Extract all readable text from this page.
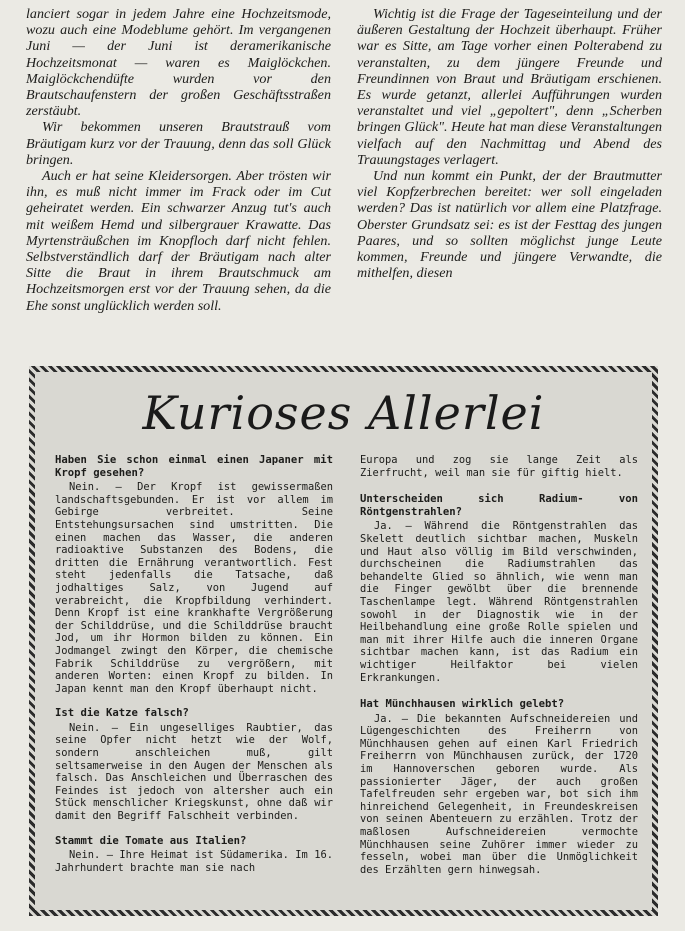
lanciert sogar in jedem Jahre eine Hochzeitsmode, wozu auch eine Modeblume gehört. Im vergangenen Juni — der Juni ist deramerikanische Hochzeitsmonat — waren es Maiglöckchen. Maiglöckchendüfte wurden vor den Brautschaufenstern der großen Geschäftsstraßen zerstäubt.

Wir bekommen unseren Brautstrauß vom Bräutigam kurz vor der Trauung, denn das soll Glück bringen.

Auch er hat seine Kleidersorgen. Aber trösten wir ihn, es muß nicht immer im Frack oder im Cut geheiratet werden. Ein schwarzer Anzug tut's auch mit weißem Hemd und silbergrauer Krawatte. Das Myrtensträußchen im Knopfloch darf nicht fehlen. Selbstverständlich darf der Bräutigam nach alter Sitte die Braut in ihrem Brautschmuck am Hochzeitsmorgen erst vor der Trauung sehen, da die Ehe sonst unglücklich werden soll.

Wichtig ist die Frage der Tageseinteilung und der äußeren Gestaltung der Hochzeit überhaupt. Früher war es Sitte, am Tage vorher einen Polterabend zu veranstalten, zu dem jüngere Freunde und Freundinnen von Braut und Bräutigam erschienen. Es wurde getanzt, allerlei Aufführungen wurden veranstaltet und viel „gepoltert", denn „Scherben bringen Glück". Heute hat man diese Veranstaltungen vielfach auf den Nachmittag und Abend des Trauungstages verlagert.

Und nun kommt ein Punkt, der der Brautmutter viel Kopfzerbrechen bereitet: wer soll eingeladen werden? Das ist natürlich vor allem eine Platzfrage. Oberster Grundsatz sei: es ist der Festtag des jungen Paares, und so sollten möglichst junge Leute kommen, Freunde und jüngere Verwandte, die mithelfen, diesen

Kurioses Allerlei
Haben Sie schon einmal einen Japaner mit Kropf gesehen?

Nein. — Der Kropf ist gewissermaßen landschaftsgebunden. Er ist vor allem im Gebirge verbreitet. Seine Entstehungsursachen sind umstritten. Die einen machen das Wasser, die anderen radioaktive Substanzen des Bodens, die dritten die Ernährung verantwortlich. Fest steht jedenfalls die Tatsache, daß jodhaltiges Salz, von Jugend auf verabreicht, die Kropfbildung verhindert. Denn Kropf ist eine krankhafte Vergrößerung der Schilddrüse, und die Schilddrüse braucht Jod, um ihr Hormon bilden zu können. Ein Jodmangel zwingt den Körper, die chemische Fabrik Schilddrüse zu vergrößern, mit anderen Worten: einen Kropf zu bilden. In Japan kennt man den Kropf überhaupt nicht.

Ist die Katze falsch?

Nein. — Ein ungeselliges Raubtier, das seine Opfer nicht hetzt wie der Wolf, sondern anschleichen muß, gilt seltsamerweise in den Augen der Menschen als falsch. Das Anschleichen und Überraschen des Feindes ist jedoch von altersher auch ein Stück menschlicher Kriegskunst, ohne daß wir damit den Begriff Falschheit verbinden.

Stammt die Tomate aus Italien?

Nein. — Ihre Heimat ist Südamerika. Im 16. Jahrhundert brachte man sie nach

Europa und zog sie lange Zeit als Zierfrucht, weil man sie für giftig hielt.

Unterscheiden sich Radium- von Röntgenstrahlen?

Ja. — Während die Röntgenstrahlen das Skelett deutlich sichtbar machen, Muskeln und Haut also völlig im Bild verschwinden, durchscheinen die Radiumstrahlen das behandelte Glied so ähnlich, wie wenn man die Finger gewölbt über die brennende Taschenlampe legt. Während Röntgenstrahlen sowohl in der Diagnostik wie in der Heilbehandlung eine große Rolle spielen und man mit ihrer Hilfe auch die inneren Organe sichtbar machen kann, ist das Radium ein wichtiger Heilfaktor bei vielen Erkrankungen.

Hat Münchhausen wirklich gelebt?

Ja. — Die bekannten Aufschneidereien und Lügengeschichten des Freiherrn von Münchhausen gehen auf einen Karl Friedrich Freiherrn von Münchhausen zurück, der 1720 im Hannoverschen geboren wurde. Als passionierter Jäger, der auch großen Tafelfreuden sehr ergeben war, bot sich ihm hinreichend Gelegenheit, in Freundeskreisen von seinen Abenteuern zu erzählen. Trotz der maßlosen Aufschneidereien vermochte Münchhausen seine Zuhörer immer wieder zu fesseln, wobei man über die Unmöglichkeit des Erzählten gern hinwegsah.
